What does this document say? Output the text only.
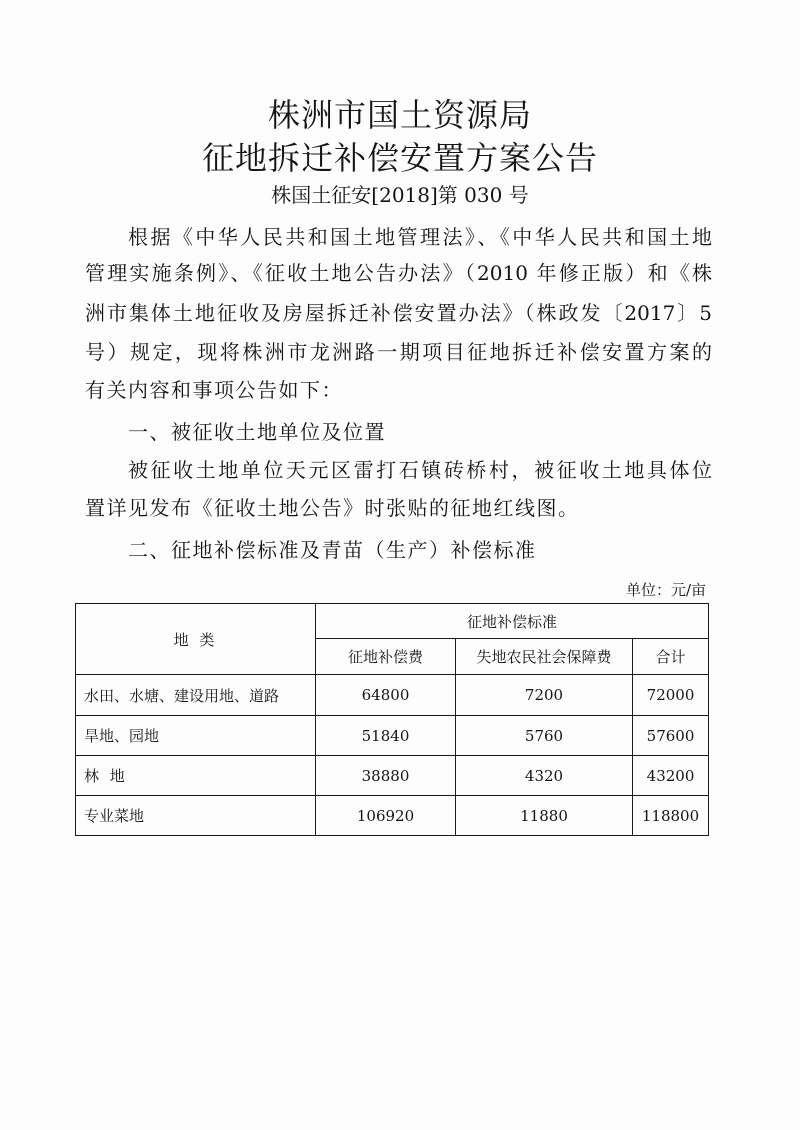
株洲市国土资源局
征地拆迁补偿安置方案公告
株国土征安[2018]第 030 号
根据《中华人民共和国土地管理法》、《中华人民共和国土地
管理实施条例》、《征收土地公告办法》（2010 年修正版）和《株
洲市集体土地征收及房屋拆迁补偿安置办法》（株政发〔2017〕5
号）规定，现将株洲市龙洲路一期项目征地拆迁补偿安置方案的
有关内容和事项公告如下：
一、被征收土地单位及位置
被征收土地单位天元区雷打石镇砖桥村，被征收土地具体位
置详见发布《征收土地公告》时张贴的征地红线图。
二、征地补偿标准及青苗（生产）补偿标准
单位：元/亩
地 类	征地补偿标准		
	征地补偿费	失地农民社会保障费	合计
水田、水塘、建设用地、道路	64800	7200	72000
旱地、园地	51840	5760	57600
林 地	38880	4320	43200
专业菜地	106920	11880	118800
